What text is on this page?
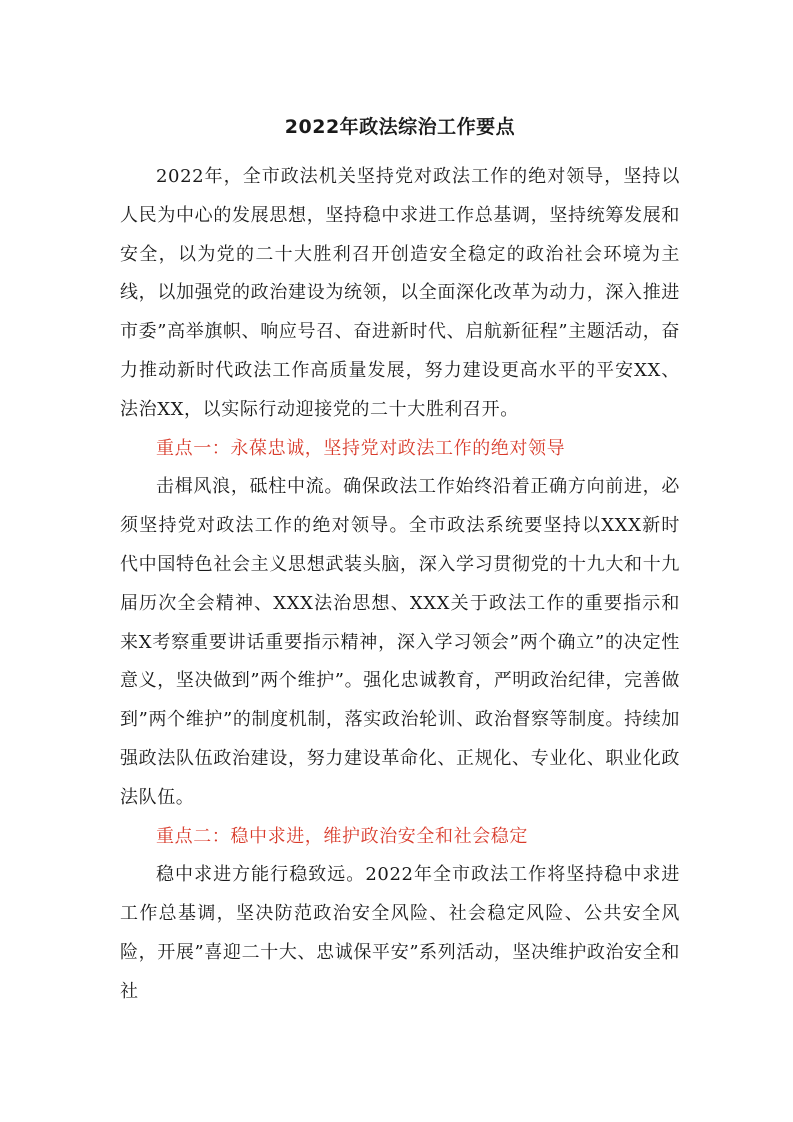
2022年政法综治工作要点

2022年，全市政法机关坚持党对政法工作的绝对领导，坚持以人民为中心的发展思想，坚持稳中求进工作总基调，坚持统筹发展和安全，以为党的二十大胜利召开创造安全稳定的政治社会环境为主线，以加强党的政治建设为统领，以全面深化改革为动力，深入推进市委”高举旗帜、响应号召、奋进新时代、启航新征程”主题活动，奋力推动新时代政法工作高质量发展，努力建设更高水平的平安XX、法治XX，以实际行动迎接党的二十大胜利召开。

重点一：永葆忠诚，坚持党对政法工作的绝对领导

击楫风浪，砥柱中流。确保政法工作始终沿着正确方向前进，必须坚持党对政法工作的绝对领导。全市政法系统要坚持以XXX新时代中国特色社会主义思想武装头脑，深入学习贯彻党的十九大和十九届历次全会精神、XXX法治思想、XXX关于政法工作的重要指示和来X考察重要讲话重要指示精神，深入学习领会”两个确立”的决定性意义，坚决做到”两个维护”。强化忠诚教育，严明政治纪律，完善做到”两个维护”的制度机制，落实政治轮训、政治督察等制度。持续加强政法队伍政治建设，努力建设革命化、正规化、专业化、职业化政法队伍。

重点二：稳中求进，维护政治安全和社会稳定

稳中求进方能行稳致远。2022年全市政法工作将坚持稳中求进工作总基调，坚决防范政治安全风险、社会稳定风险、公共安全风险，开展”喜迎二十大、忠诚保平安”系列活动，坚决维护政治安全和社
